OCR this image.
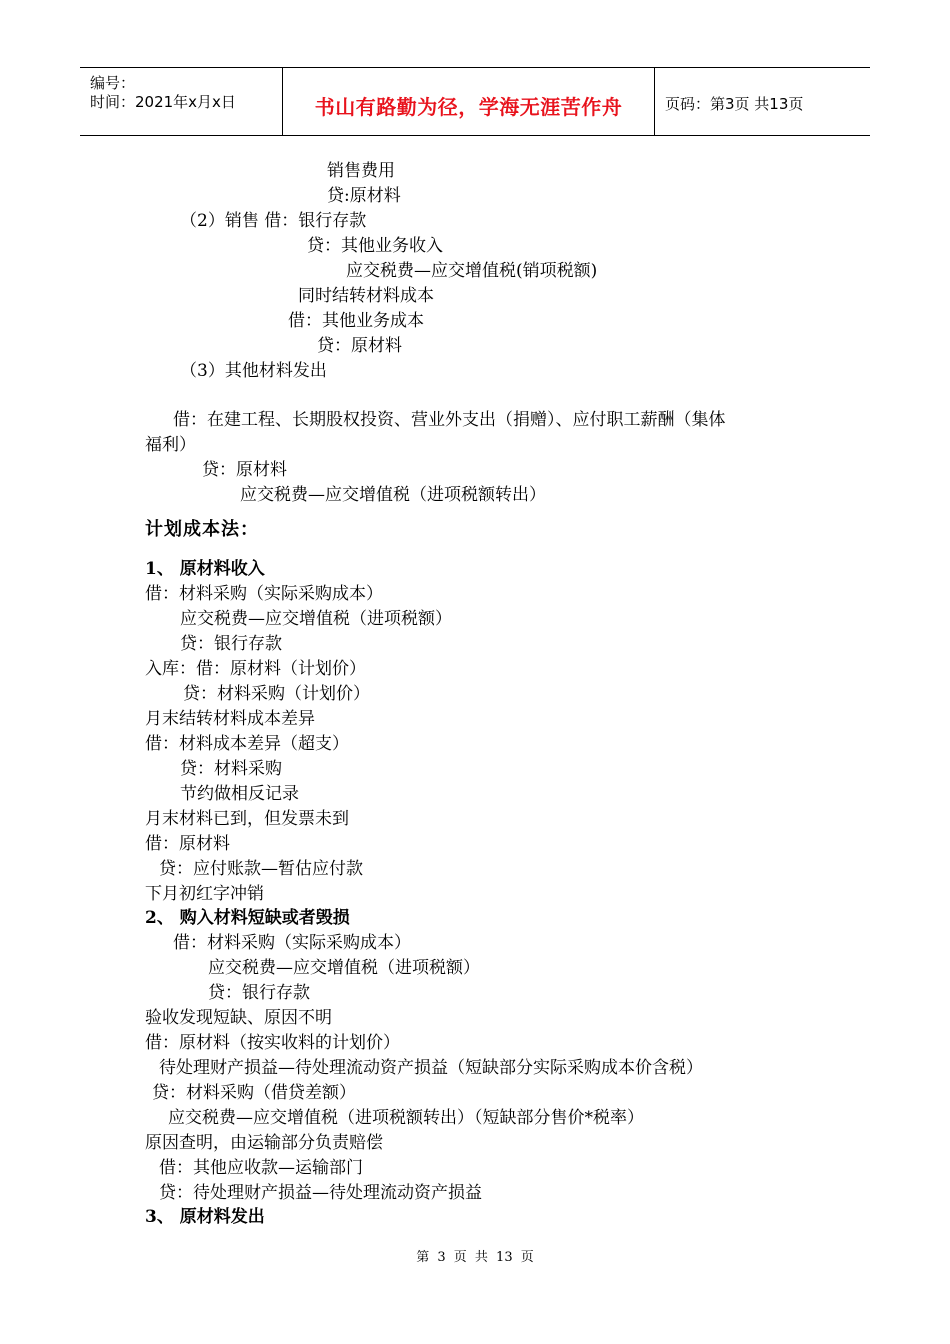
编号：
时间：2021年x月x日	书山有路勤为径，学海无涯苦作舟	页码：第3页 共13页
销售费用
贷:原材料
（2）销售 借：银行存款
贷：其他业务收入
应交税费—应交增值税(销项税额)
同时结转材料成本
借：其他业务成本
贷：原材料
（3）其他材料发出
借：在建工程、长期股权投资、营业外支出（捐赠）、应付职工薪酬（集体
福利）
贷：原材料
应交税费—应交增值税（进项税额转出）
计划成本法：
1、 原材料收入
借：材料采购（实际采购成本）
应交税费—应交增值税（进项税额）
贷：银行存款
入库：借：原材料（计划价）
贷：材料采购（计划价）
月末结转材料成本差异
借：材料成本差异（超支）
贷：材料采购
节约做相反记录
月末材料已到，但发票未到
借：原材料
贷：应付账款—暂估应付款
下月初红字冲销
2、 购入材料短缺或者毁损
借：材料采购（实际采购成本）
应交税费—应交增值税（进项税额）
贷：银行存款
验收发现短缺、原因不明
借：原材料（按实收料的计划价）
待处理财产损益—待处理流动资产损益（短缺部分实际采购成本价含税）
贷：材料采购（借贷差额）
应交税费—应交增值税（进项税额转出）（短缺部分售价*税率）
原因查明，由运输部分负责赔偿
借：其他应收款—运输部门
贷：待处理财产损益—待处理流动资产损益
3、 原材料发出
第 3 页 共 13 页
